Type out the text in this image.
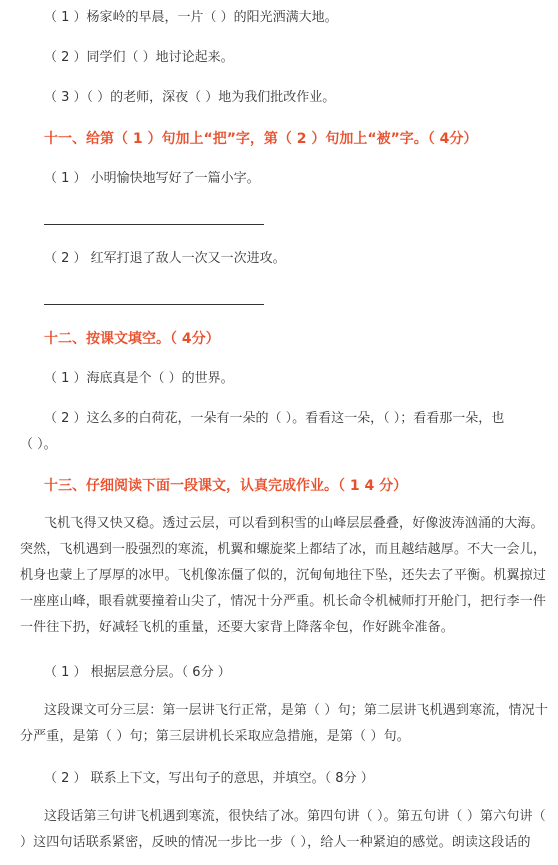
（ 1 ）杨家岭的早晨，一片（ ）的阳光洒满大地。
（ 2 ）同学们（ ）地讨论起来。
（ 3 ）（ ）的老师，深夜（ ）地为我们批改作业。
十一、给第（ 1 ）句加上“把”字，第（ 2 ）句加上“被”字。（ 4分）
（ 1 ） 小明愉快地写好了一篇小字。
（ 2 ） 红军打退了敌人一次又一次进攻。
十二、按课文填空。（ 4分）
（ 1 ）海底真是个（ ）的世界。
（ 2 ）这么多的白荷花，一朵有一朵的（ ）。看看这一朵，（ ）；看看那一朵，也
（ ）。
十三、仔细阅读下面一段课文，认真完成作业。（ 1 4 分）
飞机飞得又快又稳。透过云层，可以看到积雪的山峰层层叠叠，好像波涛汹涌的大海。突然，飞机遇到一股强烈的寒流，机翼和螺旋桨上都结了冰，而且越结越厚。不大一会儿，机身也蒙上了厚厚的冰甲。飞机像冻僵了似的，沉甸甸地往下坠，还失去了平衡。机翼掠过一座座山峰，眼看就要撞着山尖了，情况十分严重。机长命令机械师打开舱门，把行李一件一件往下扔，好减轻飞机的重量，还要大家背上降落伞包，作好跳伞准备。
（ 1 ） 根据层意分层。（ 6分 ）
这段课文可分三层：第一层讲飞行正常，是第（ ）句；第二层讲飞机遇到寒流，情况十分严重，是第（ ）句；第三层讲机长采取应急措施，是第（ ）句。
（ 2 ） 联系上下文，写出句子的意思，并填空。（ 8分 ）
这段话第三句讲飞机遇到寒流，很快结了冰。第四句讲（ ）。第五句讲（ ）第六句讲（ ）这四句话联系紧密，反映的情况一步比一步（ ），给人一种紧迫的感觉。朗读这段话的
